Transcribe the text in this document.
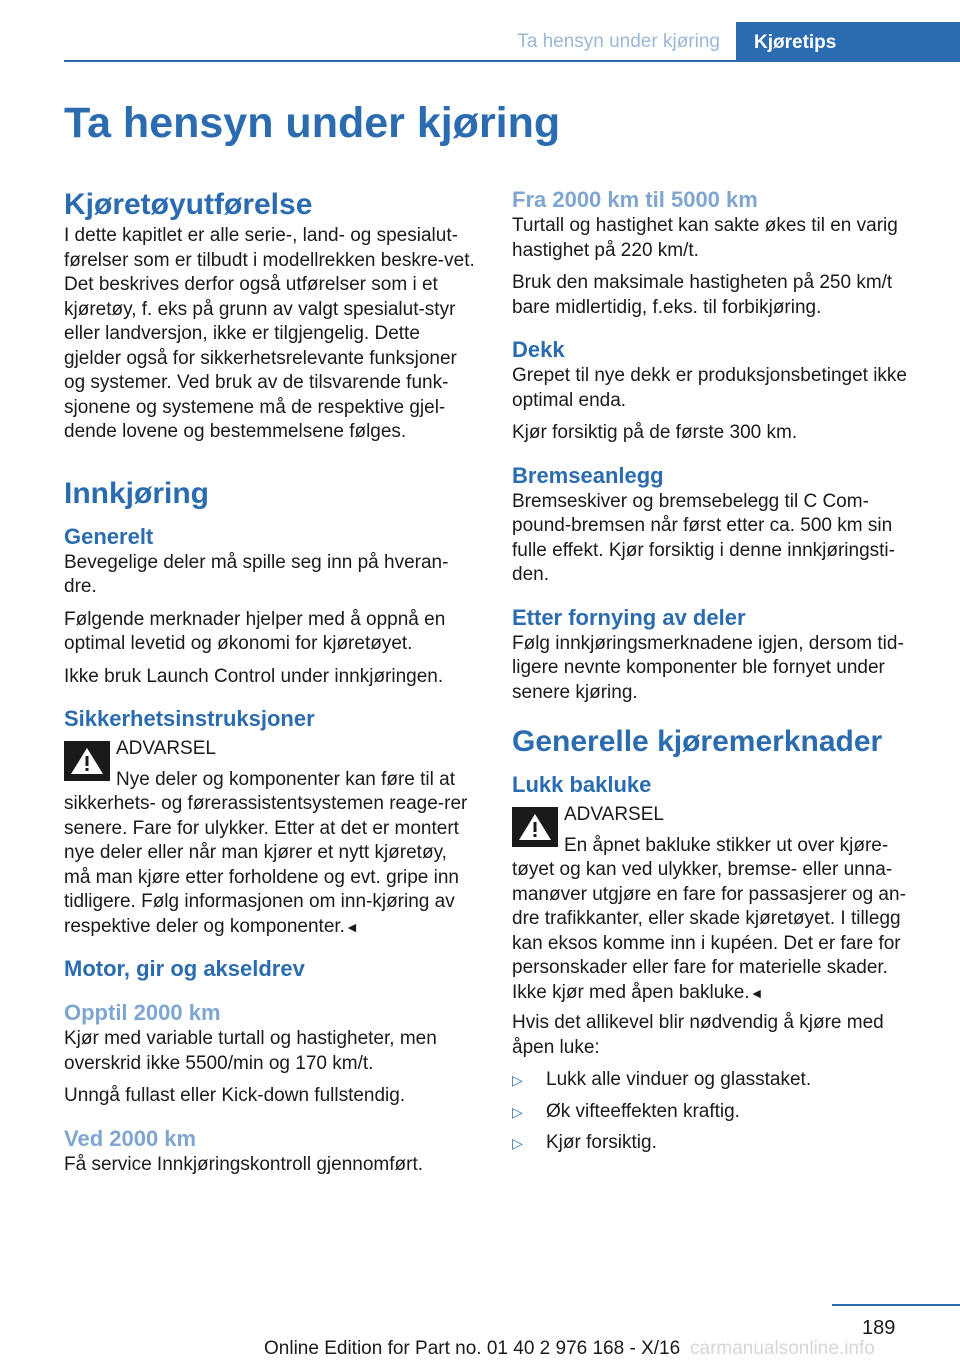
Ta hensyn under kjøring	Kjøretips
Ta hensyn under kjøring
Kjøretøyutførelse

I dette kapitlet er alle serie-, land- og spesialut-førelser som er tilbudt i modellrekken beskre-vet. Det beskrives derfor også utførelser som i et kjøretøy, f. eks på grunn av valgt spesialut-styr eller landversjon, ikke er tilgjengelig. Dette gjelder også for sikkerhetsrelevante funksjoner og systemer. Ved bruk av de tilsvarende funk-sjonene og systemene må de respektive gjel-dende lovene og bestemmelsene følges.

Innkjøring
Generelt

Bevegelige deler må spille seg inn på hveran-dre.

Følgende merknader hjelper med å oppnå en optimal levetid og økonomi for kjøretøyet.

Ikke bruk Launch Control under innkjøringen.

Sikkerhetsinstruksjoner
ADVARSEL

Nye deler og komponenter kan føre til at sikkerhets- og førerassistentsystemen reage-rer senere. Fare for ulykker. Etter at det er montert nye deler eller når man kjører et nytt kjøretøy, må man kjøre etter forholdene og evt. gripe inn tidligere. Følg informasjonen om inn-kjøring av respektive deler og komponenter.◄

Motor, gir og akseldrev
Opptil 2000 km

Kjør med variable turtall og hastigheter, men overskrid ikke 5500/min og 170 km/t.

Unngå fullast eller Kick-down fullstendig.

Ved 2000 km

Få service Innkjøringskontroll gjennomført.

Fra 2000 km til 5000 km

Turtall og hastighet kan sakte økes til en varig hastighet på 220 km/t.

Bruk den maksimale hastigheten på 250 km/t bare midlertidig, f.eks. til forbikjøring.

Dekk

Grepet til nye dekk er produksjonsbetinget ikke optimal enda.

Kjør forsiktig på de første 300 km.

Bremseanlegg

Bremseskiver og bremsebelegg til C Com-pound-bremsen når først etter ca. 500 km sin fulle effekt. Kjør forsiktig i denne innkjøringsti-den.

Etter fornying av deler

Følg innkjøringsmerknadene igjen, dersom tid-ligere nevnte komponenter ble fornyet under senere kjøring.

Generelle kjøremerknader
Lukk bakluke
ADVARSEL

En åpnet bakluke stikker ut over kjøre-tøyet og kan ved ulykker, bremse- eller unna-manøver utgjøre en fare for passasjerer og an-dre trafikkanter, eller skade kjøretøyet. I tillegg kan eksos komme inn i kupéen. Det er fare for personskader eller fare for materielle skader. Ikke kjør med åpen bakluke.◄

Hvis det allikevel blir nødvendig å kjøre med åpen luke:

▷ Lukk alle vinduer og glasstaket.
▷ Øk vifteeffekten kraftig.
▷ Kjør forsiktig.
189
Online Edition for Part no. 01 40 2 976 168 - X/16 carmanualsonline.info
